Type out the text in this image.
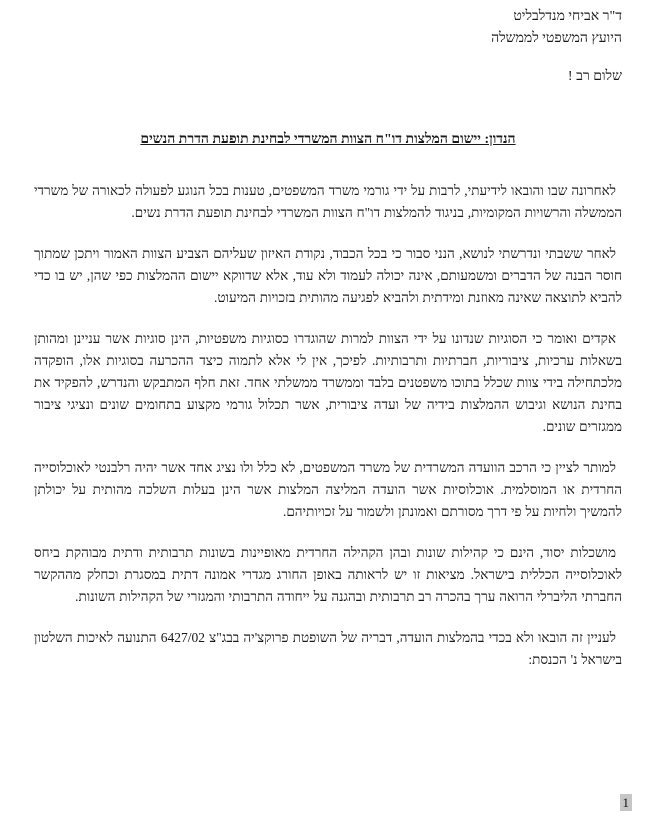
ד"ר אביחי מנדלבליט
היועץ המשפטי לממשלה
שלום רב !
הנדון: יישום המלצות דו"ח הצוות המשרדי לבחינת תופעת הדרת הנשים

לאחרונה שבו והובאו לידיעתי, לרבות על ידי גורמי משרד המשפטים, טענות בכל הנוגע לפעולה לכאורה של משרדי הממשלה והרשויות המקומיות, בניגוד להמלצות דו"ח הצוות המשרדי לבחינת תופעת הדרת נשים.

לאחר ששבתי ונדרשתי לנושא, הנני סבור כי בכל הכבוד, נקודת האיזון שעליהם הצביע הצוות האמור ויתכן שמתוך חוסר הבנה של הדברים ומשמעותם, אינה יכולה לעמוד ולא עוד, אלא שדווקא יישום ההמלצות כפי שהן, יש בו כדי להביא לתוצאה שאינה מאוזנת ומידתית ולהביא לפגיעה מהותית בזכויות המיעוט.

אקדים ואומר כי הסוגיות שנדונו על ידי הצוות למרות שהוגדרו כסוגיות משפטיות, הינן סוגיות אשר עניינן ומהותן בשאלות ערכיות, ציבוריות, חברתיות ותרבותיות. לפיכך, אין לי אלא לתמוה כיצד ההכרעה בסוגיות אלו, הופקדה מלכתחילה בידי צוות שכלל בתוכו משפטנים בלבד וממשרד ממשלתי אחד. זאת חלף המתבקש והנדרש, להפקיד את בחינת הנושא וגיבוש ההמלצות בידיה של ועדה ציבורית, אשר תכלול גורמי מקצוע בתחומים שונים ונציגי ציבור ממגזרים שונים.

למותר לציין כי הרכב הוועדה המשרדית של משרד המשפטים, לא כלל ולו נציג אחד אשר יהיה רלבנטי לאוכלוסייה החרדית או המוסלמית. אוכלוסיות אשר הועדה המליצה המלצות אשר הינן בעלות השלכה מהותית על יכולתן להמשיך ולחיות על פי דרך מסורתם ואמונתן ולשמור על זכויותיהם.

מושכלות יסוד, הינם כי קהילות שונות ובהן הקהילה החרדית מאופיינות בשונות תרבותית ודתית מבוהקת ביחס לאוכלוסייה הכללית בישראל. מציאות זו יש לראותה באופן החורג מגדרי אמונה דתית במסגרת וכחלק מההקשר החברתי הליברלי הרואה ערך בהכרה רב תרבותית ובהגנה על ייחודה התרבותי והמגזרי של הקהילות השונות.

לעניין זה הובאו ולא בכדי בהמלצות הועדה, דבריה של השופטת פרוקצ'יה בבג"צ 6427/02 התנועה לאיכות השלטון בישראל נ' הכנסת:

1
